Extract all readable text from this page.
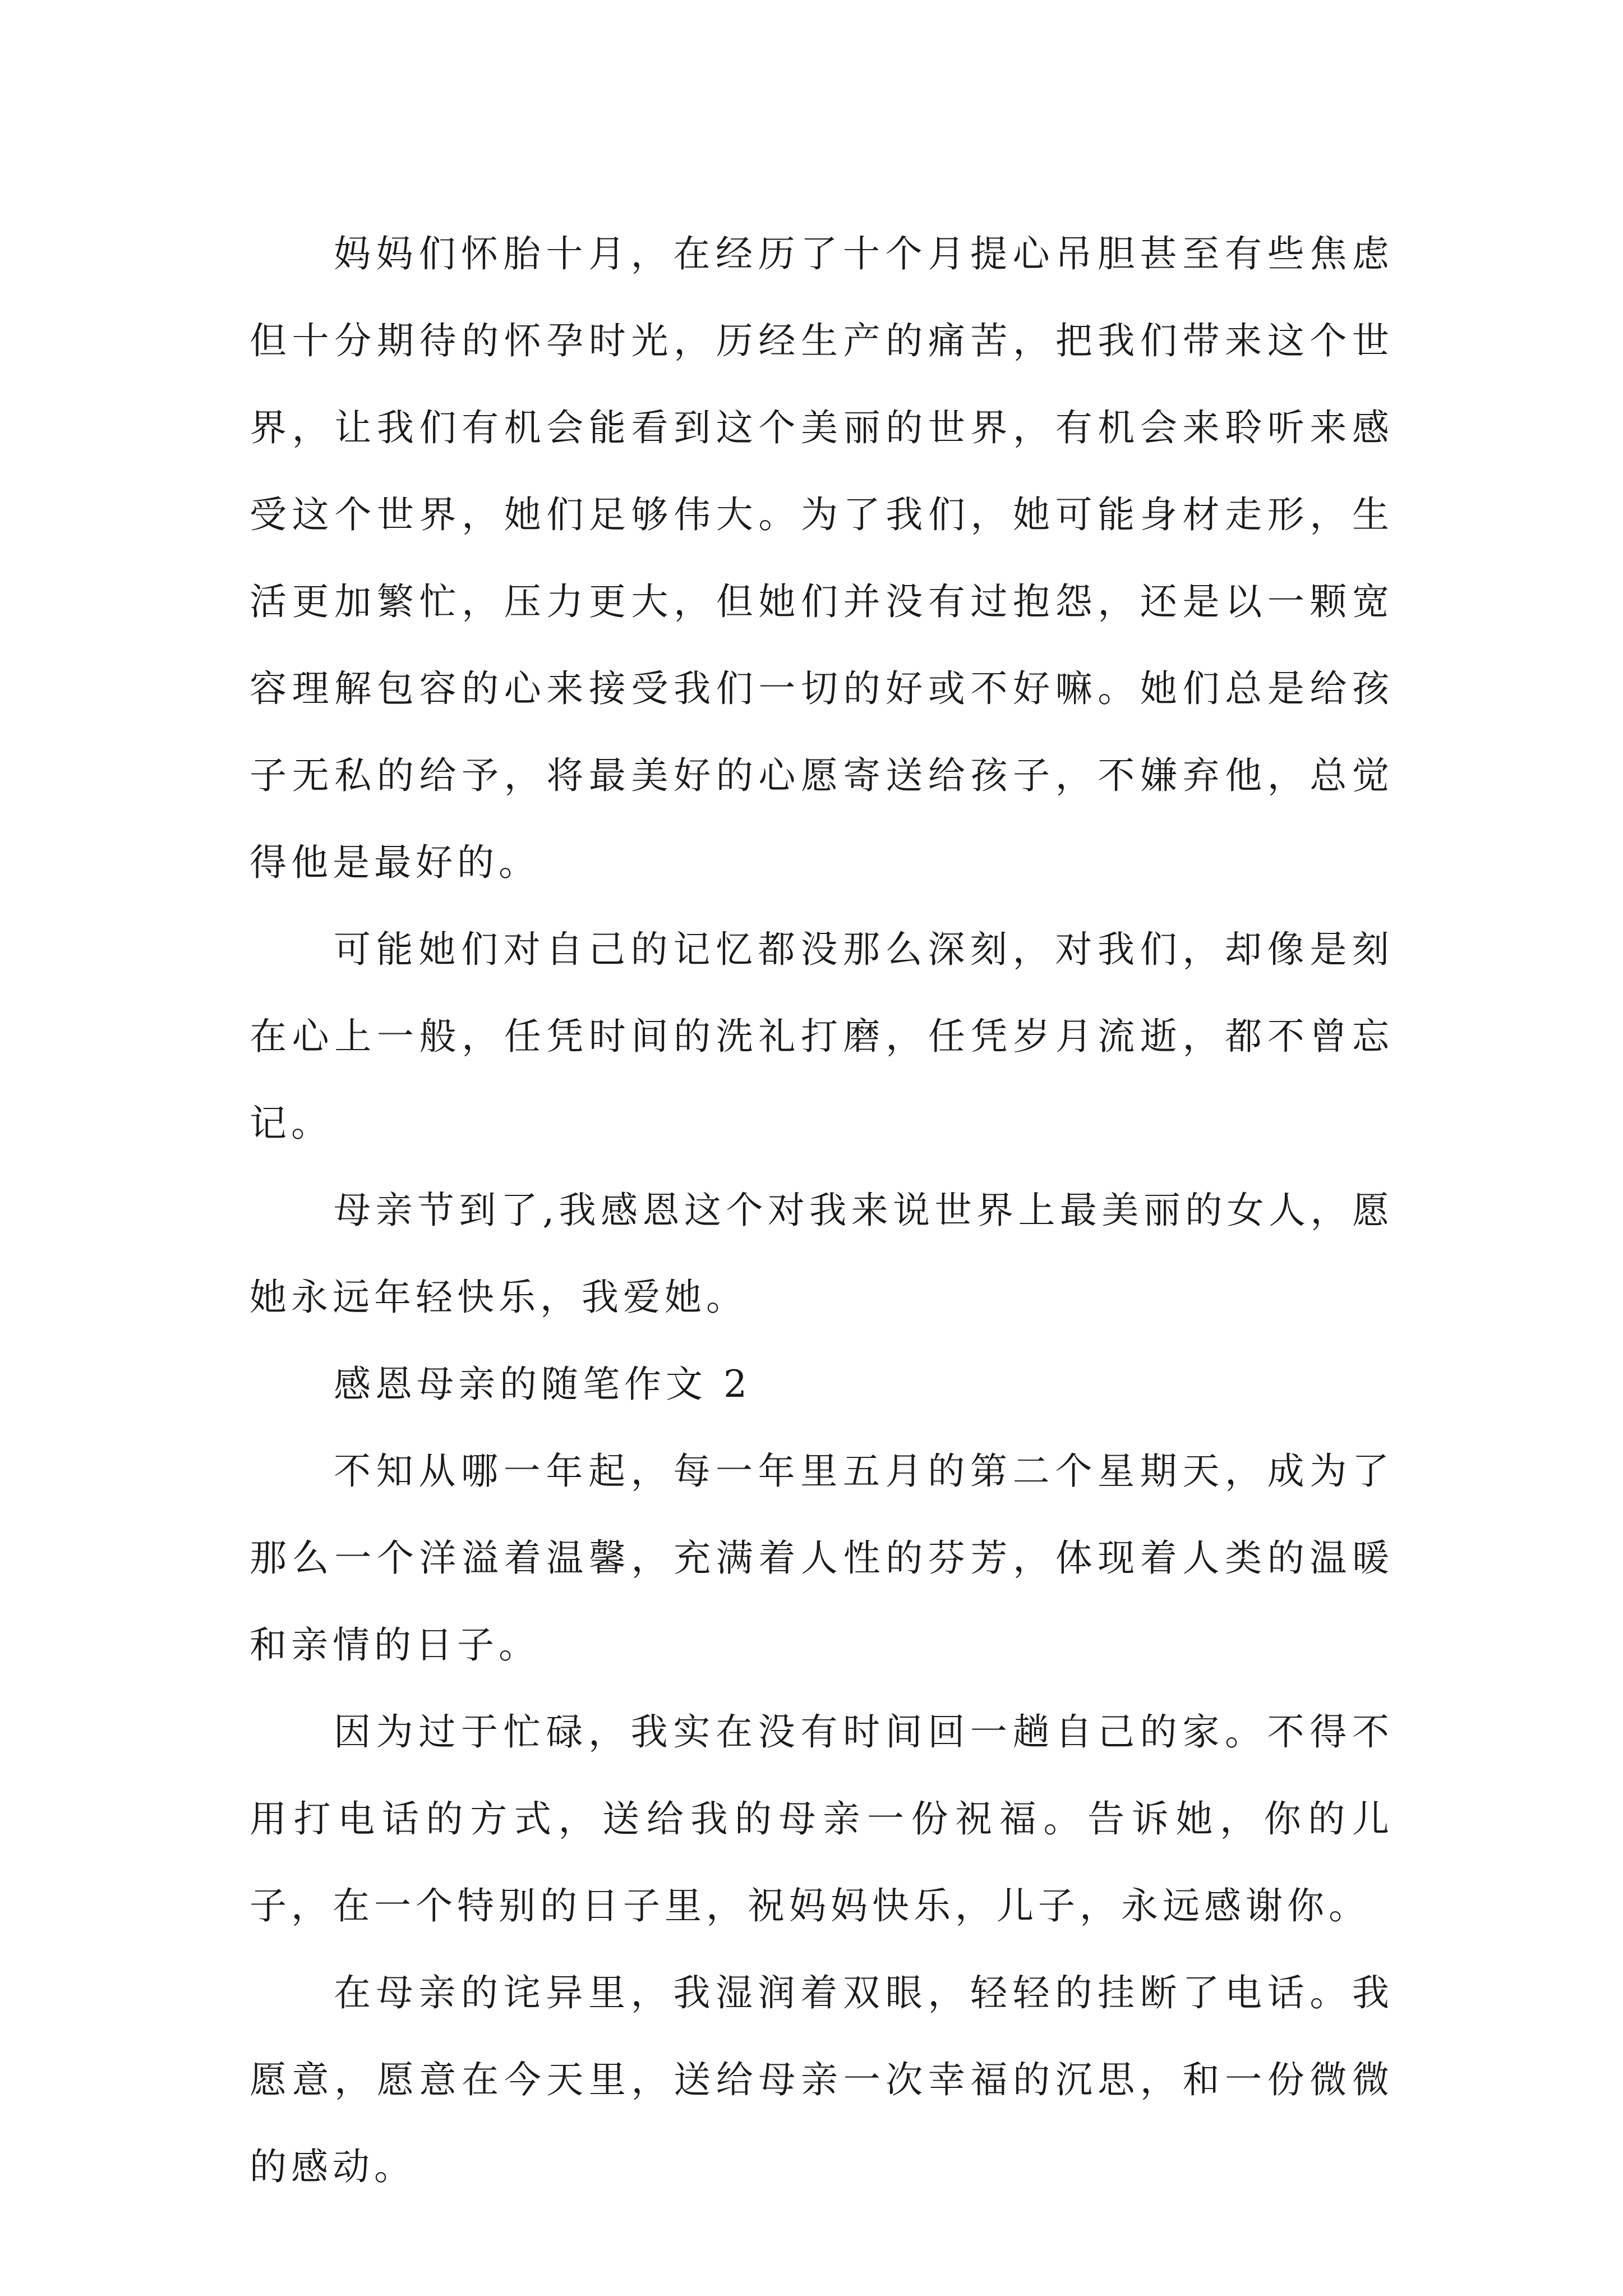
妈妈们怀胎十月，在经历了十个月提心吊胆甚至有些焦虑但十分期待的怀孕时光，历经生产的痛苦，把我们带来这个世界，让我们有机会能看到这个美丽的世界，有机会来聆听来感受这个世界，她们足够伟大。为了我们，她可能身材走形，生活更加繁忙，压力更大，但她们并没有过抱怨，还是以一颗宽容理解包容的心来接受我们一切的好或不好嘛。她们总是给孩子无私的给予，将最美好的心愿寄送给孩子，不嫌弃他，总觉得他是最好的。

可能她们对自己的记忆都没那么深刻，对我们，却像是刻在心上一般，任凭时间的洗礼打磨，任凭岁月流逝，都不曾忘记。

母亲节到了,我感恩这个对我来说世界上最美丽的女人，愿她永远年轻快乐，我爱她。

感恩母亲的随笔作文 2

不知从哪一年起，每一年里五月的第二个星期天，成为了那么一个洋溢着温馨，充满着人性的芬芳，体现着人类的温暖和亲情的日子。

因为过于忙碌，我实在没有时间回一趟自己的家。不得不用打电话的方式，送给我的母亲一份祝福。告诉她，你的儿子，在一个特别的日子里，祝妈妈快乐，儿子，永远感谢你。

在母亲的诧异里，我湿润着双眼，轻轻的挂断了电话。我愿意，愿意在今天里，送给母亲一次幸福的沉思，和一份微微的感动。
